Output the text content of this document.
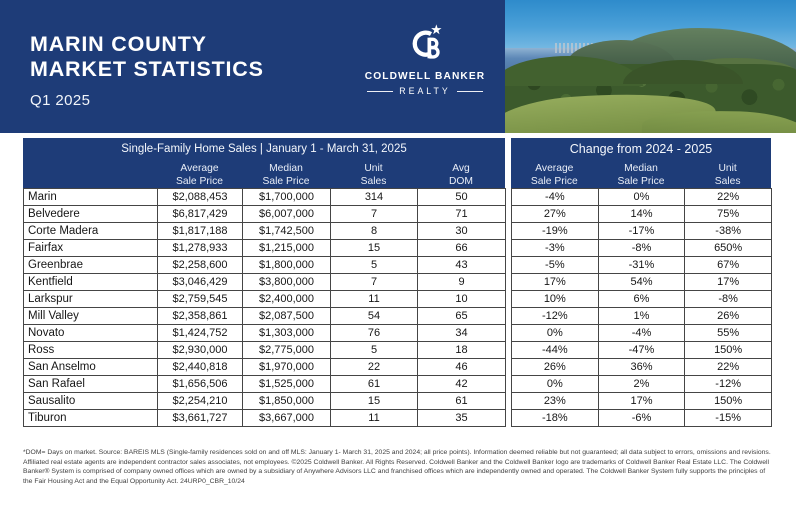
MARIN COUNTY
MARKET STATISTICS
Q1 2025
COLDWELL BANKER
REALTY
Single-Family Home Sales | January 1 - March 31, 2025
Average
Sale Price
Median
Sale Price
Unit
Sales
Avg
DOM
Marin	$2,088,453	$1,700,000	314	50
Belvedere	$6,817,429	$6,007,000	7	71
Corte Madera	$1,817,188	$1,742,500	8	30
Fairfax	$1,278,933	$1,215,000	15	66
Greenbrae	$2,258,600	$1,800,000	5	43
Kentfield	$3,046,429	$3,800,000	7	9
Larkspur	$2,759,545	$2,400,000	11	10
Mill Valley	$2,358,861	$2,087,500	54	65
Novato	$1,424,752	$1,303,000	76	34
Ross	$2,930,000	$2,775,000	5	18
San Anselmo	$2,440,818	$1,970,000	22	46
San Rafael	$1,656,506	$1,525,000	61	42
Sausalito	$2,254,210	$1,850,000	15	61
Tiburon	$3,661,727	$3,667,000	11	35
Change from 2024 - 2025
Average
Sale Price
Median
Sale Price
Unit
Sales
-4%	0%	22%
27%	14%	75%
-19%	-17%	-38%
-3%	-8%	650%
-5%	-31%	67%
17%	54%	17%
10%	6%	-8%
-12%	1%	26%
0%	-4%	55%
-44%	-47%	150%
26%	36%	22%
0%	2%	-12%
23%	17%	150%
-18%	-6%	-15%
*DOM= Days on market. Source: BAREIS MLS (Single-family residences sold on and off MLS: January 1- March 31, 2025 and 2024; all price points). Information deemed reliable but not guaranteed; all data subject to errors, omissions and revisions. Affiliated real estate agents are independent contractor sales associates, not employees. ©2025 Coldwell Banker. All Rights Reserved. Coldwell Banker and the Coldwell Banker logo are trademarks of Coldwell Banker Real Estate LLC. The Coldwell Banker® System is comprised of company owned offices which are owned by a subsidiary of Anywhere Advisors LLC and franchised offices which are independently owned and operated. The Coldwell Banker System fully supports the principles of the Fair Housing Act and the Equal Opportunity Act. 24URP0_CBR_10/24
